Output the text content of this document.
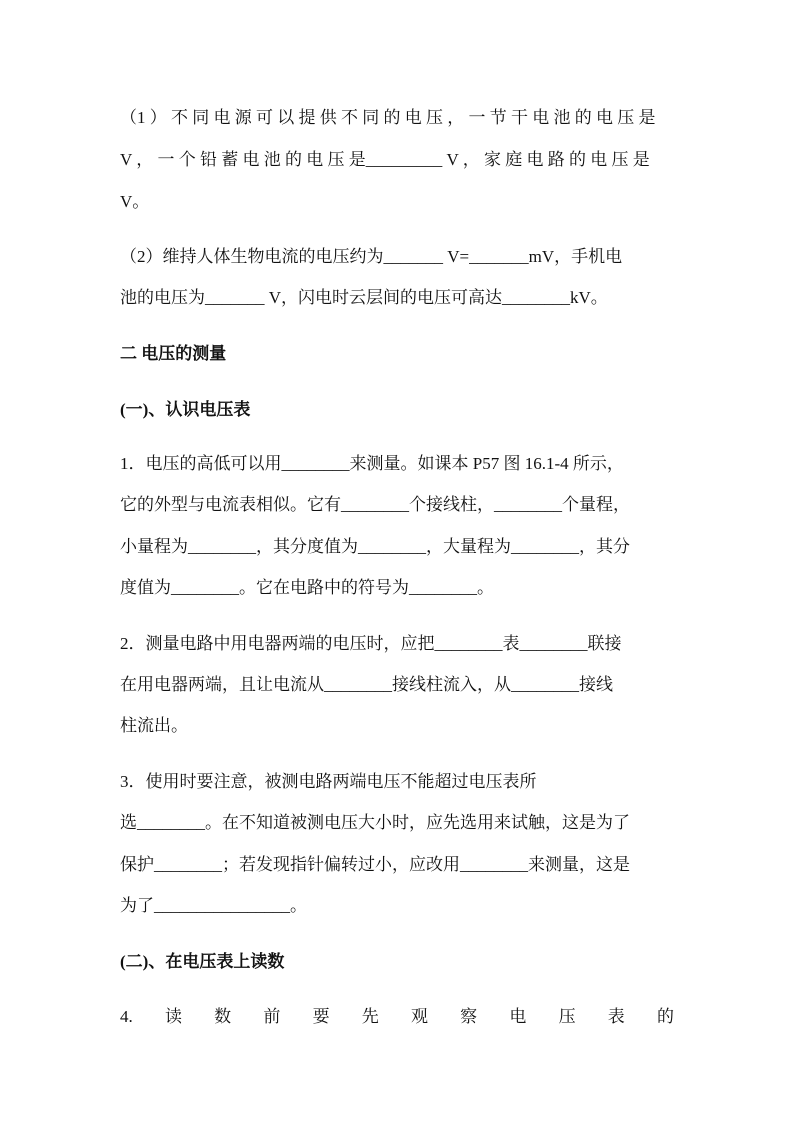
（1 ） 不 同 电 源 可 以 提 供 不 同 的 电 压 ， 一 节 干 电 池 的 电 压 是
V ， 一 个 铅 蓄 电 池 的 电 压 是_________ V ， 家 庭 电 路 的 电 压 是
V。
（2）维持人体生物电流的电压约为_______ V=_______mV，手机电
池的电压为_______ V，闪电时云层间的电压可高达________kV。
二 电压的测量
(一)、认识电压表
1．电压的高低可以用________来测量。如课本 P57 图 16.1-4 所示，
它的外型与电流表相似。它有________个接线柱，________个量程，
小量程为________，其分度值为________，大量程为________，其分
度值为________。它在电路中的符号为________。
2．测量电路中用电器两端的电压时，应把________表________联接
在用电器两端，且让电流从________接线柱流入，从________接线
柱流出。
3．使用时要注意，被测电路两端电压不能超过电压表所
选________。在不知道被测电压大小时，应先选用来试触，这是为了
保护________；若发现指针偏转过小，应改用________来测量，这是
为了________________。
(二)、在电压表上读数
4. 读 数 前 要 先 观 察 电 压 表 的
